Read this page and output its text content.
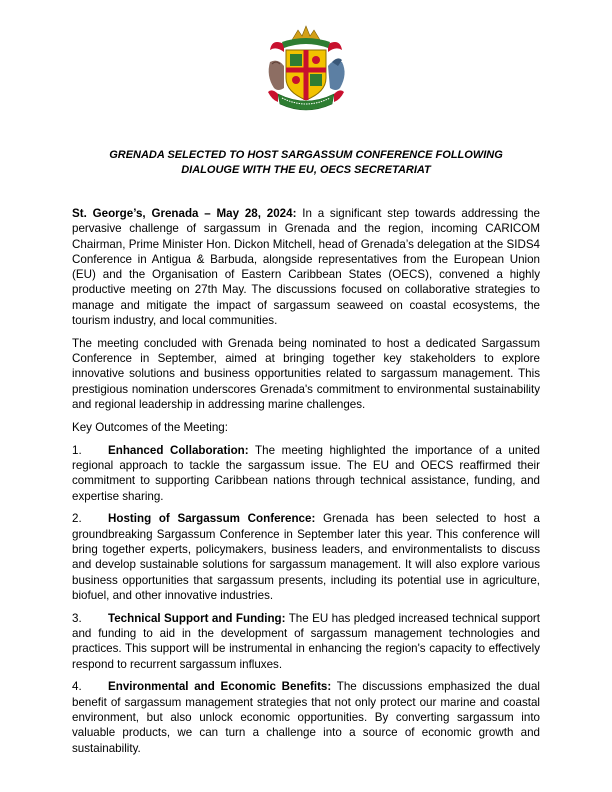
GRENADA SELECTED TO HOST SARGASSUM CONFERENCE FOLLOWING
DIALOUGE WITH THE EU, OECS SECRETARIAT

St. George’s, Grenada – May 28, 2024: In a significant step towards addressing the pervasive challenge of sargassum in Grenada and the region, incoming CARICOM Chairman, Prime Minister Hon. Dickon Mitchell, head of Grenada’s delegation at the SIDS4 Conference in Antigua & Barbuda, alongside representatives from the European Union (EU) and the Organisation of Eastern Caribbean States (OECS), convened a highly productive meeting on 27th May. The discussions focused on collaborative strategies to manage and mitigate the impact of sargassum seaweed on coastal ecosystems, the tourism industry, and local communities.

The meeting concluded with Grenada being nominated to host a dedicated Sargassum Conference in September, aimed at bringing together key stakeholders to explore innovative solutions and business opportunities related to sargassum management. This prestigious nomination underscores Grenada's commitment to environmental sustainability and regional leadership in addressing marine challenges.

Key Outcomes of the Meeting:

1. Enhanced Collaboration: The meeting highlighted the importance of a united regional approach to tackle the sargassum issue. The EU and OECS reaffirmed their commitment to supporting Caribbean nations through technical assistance, funding, and expertise sharing.

2. Hosting of Sargassum Conference: Grenada has been selected to host a groundbreaking Sargassum Conference in September later this year. This conference will bring together experts, policymakers, business leaders, and environmentalists to discuss and develop sustainable solutions for sargassum management. It will also explore various business opportunities that sargassum presents, including its potential use in agriculture, biofuel, and other innovative industries.

3. Technical Support and Funding: The EU has pledged increased technical support and funding to aid in the development of sargassum management technologies and practices. This support will be instrumental in enhancing the region's capacity to effectively respond to recurrent sargassum influxes.

4. Environmental and Economic Benefits: The discussions emphasized the dual benefit of sargassum management strategies that not only protect our marine and coastal environment, but also unlock economic opportunities. By converting sargassum into valuable products, we can turn a challenge into a source of economic growth and sustainability.
